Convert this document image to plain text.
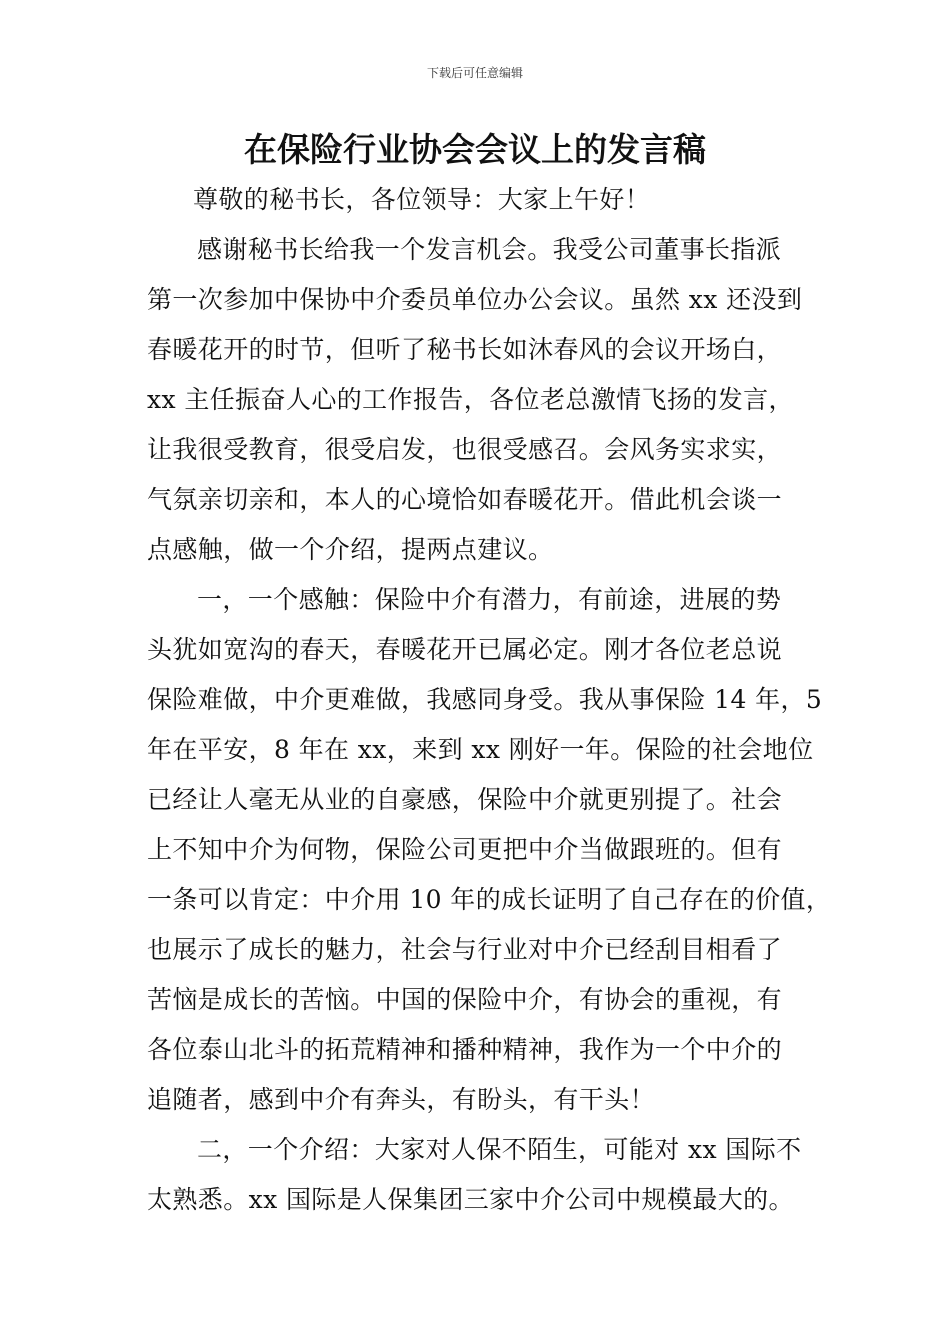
下载后可任意编辑
在保险行业协会会议上的发言稿
尊敬的秘书长，各位领导：大家上午好！
感谢秘书长给我一个发言机会。我受公司董事长指派
第一次参加中保协中介委员单位办公会议。虽然 xx 还没到
春暖花开的时节，但听了秘书长如沐春风的会议开场白，
xx 主任振奋人心的工作报告，各位老总激情飞扬的发言，
让我很受教育，很受启发，也很受感召。会风务实求实，
气氛亲切亲和，本人的心境恰如春暖花开。借此机会谈一
点感触，做一个介绍，提两点建议。
一，一个感触：保险中介有潜力，有前途，进展的势
头犹如宽沟的春天，春暖花开已属必定。刚才各位老总说
保险难做，中介更难做，我感同身受。我从事保险 14 年，5
年在平安，8 年在 xx，来到 xx 刚好一年。保险的社会地位
已经让人毫无从业的自豪感，保险中介就更别提了。社会
上不知中介为何物，保险公司更把中介当做跟班的。但有
一条可以肯定：中介用 10 年的成长证明了自己存在的价值，
也展示了成长的魅力，社会与行业对中介已经刮目相看了
苦恼是成长的苦恼。中国的保险中介，有协会的重视，有
各位泰山北斗的拓荒精神和播种精神，我作为一个中介的
追随者，感到中介有奔头，有盼头，有干头！
二，一个介绍：大家对人保不陌生，可能对 xx 国际不
太熟悉。xx 国际是人保集团三家中介公司中规模最大的。
